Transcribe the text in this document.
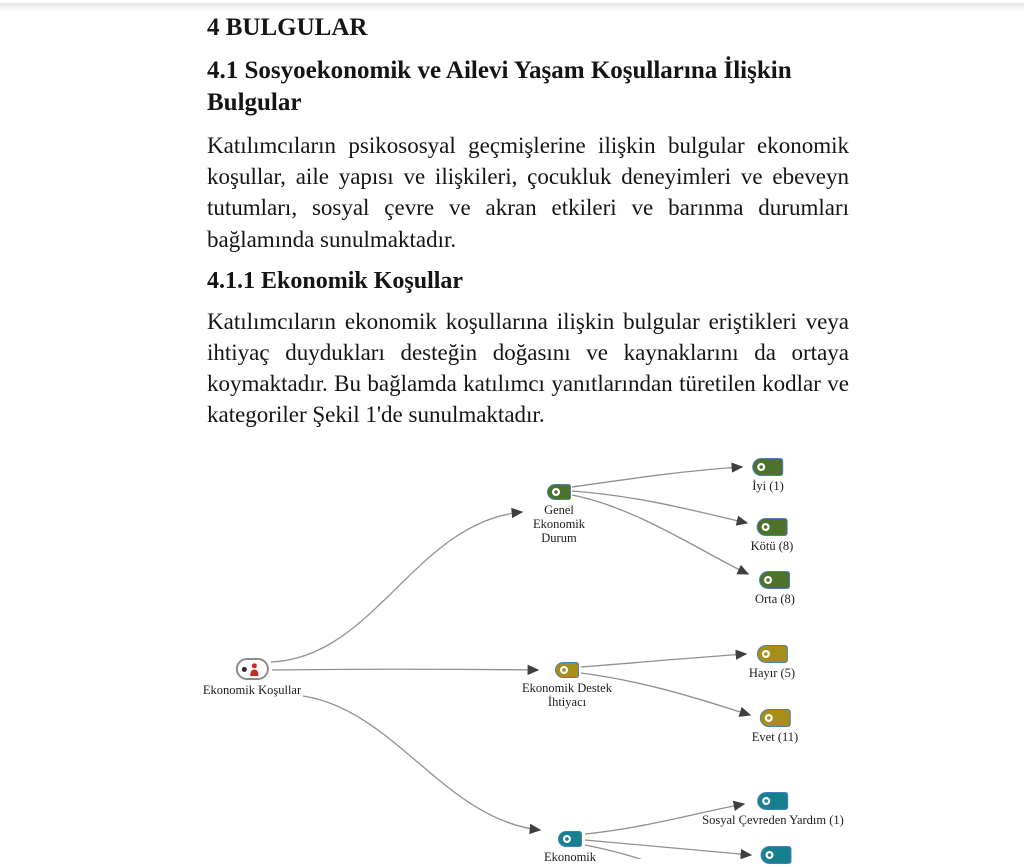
4 BULGULAR
4.1 Sosyoekonomik ve Ailevi Yaşam Koşullarına İlişkin Bulgular

Katılımcıların psikososyal geçmişlerine ilişkin bulgular ekonomik koşullar, aile yapısı ve ilişkileri, çocukluk deneyimleri ve ebeveyn tutumları, sosyal çevre ve akran etkileri ve barınma durumları bağlamında sunulmaktadır.

4.1.1 Ekonomik Koşullar

Katılımcıların ekonomik koşullarına ilişkin bulgular eriştikleri veya ihtiyaç duydukları desteğin doğasını ve kaynaklarını da ortaya koymaktadır. Bu bağlamda katılımcı yanıtlarından türetilen kodlar ve kategoriler Şekil 1'de sunulmaktadır.

Ekonomik Koşullar
Genel Ekonomik Durum
İyi (1)
Kötü (8)
Orta (8)
Ekonomik Destek İhtiyacı
Hayır (5)
Evet (11)
Sosyal Çevreden Yardım (1)
Ekonomik
